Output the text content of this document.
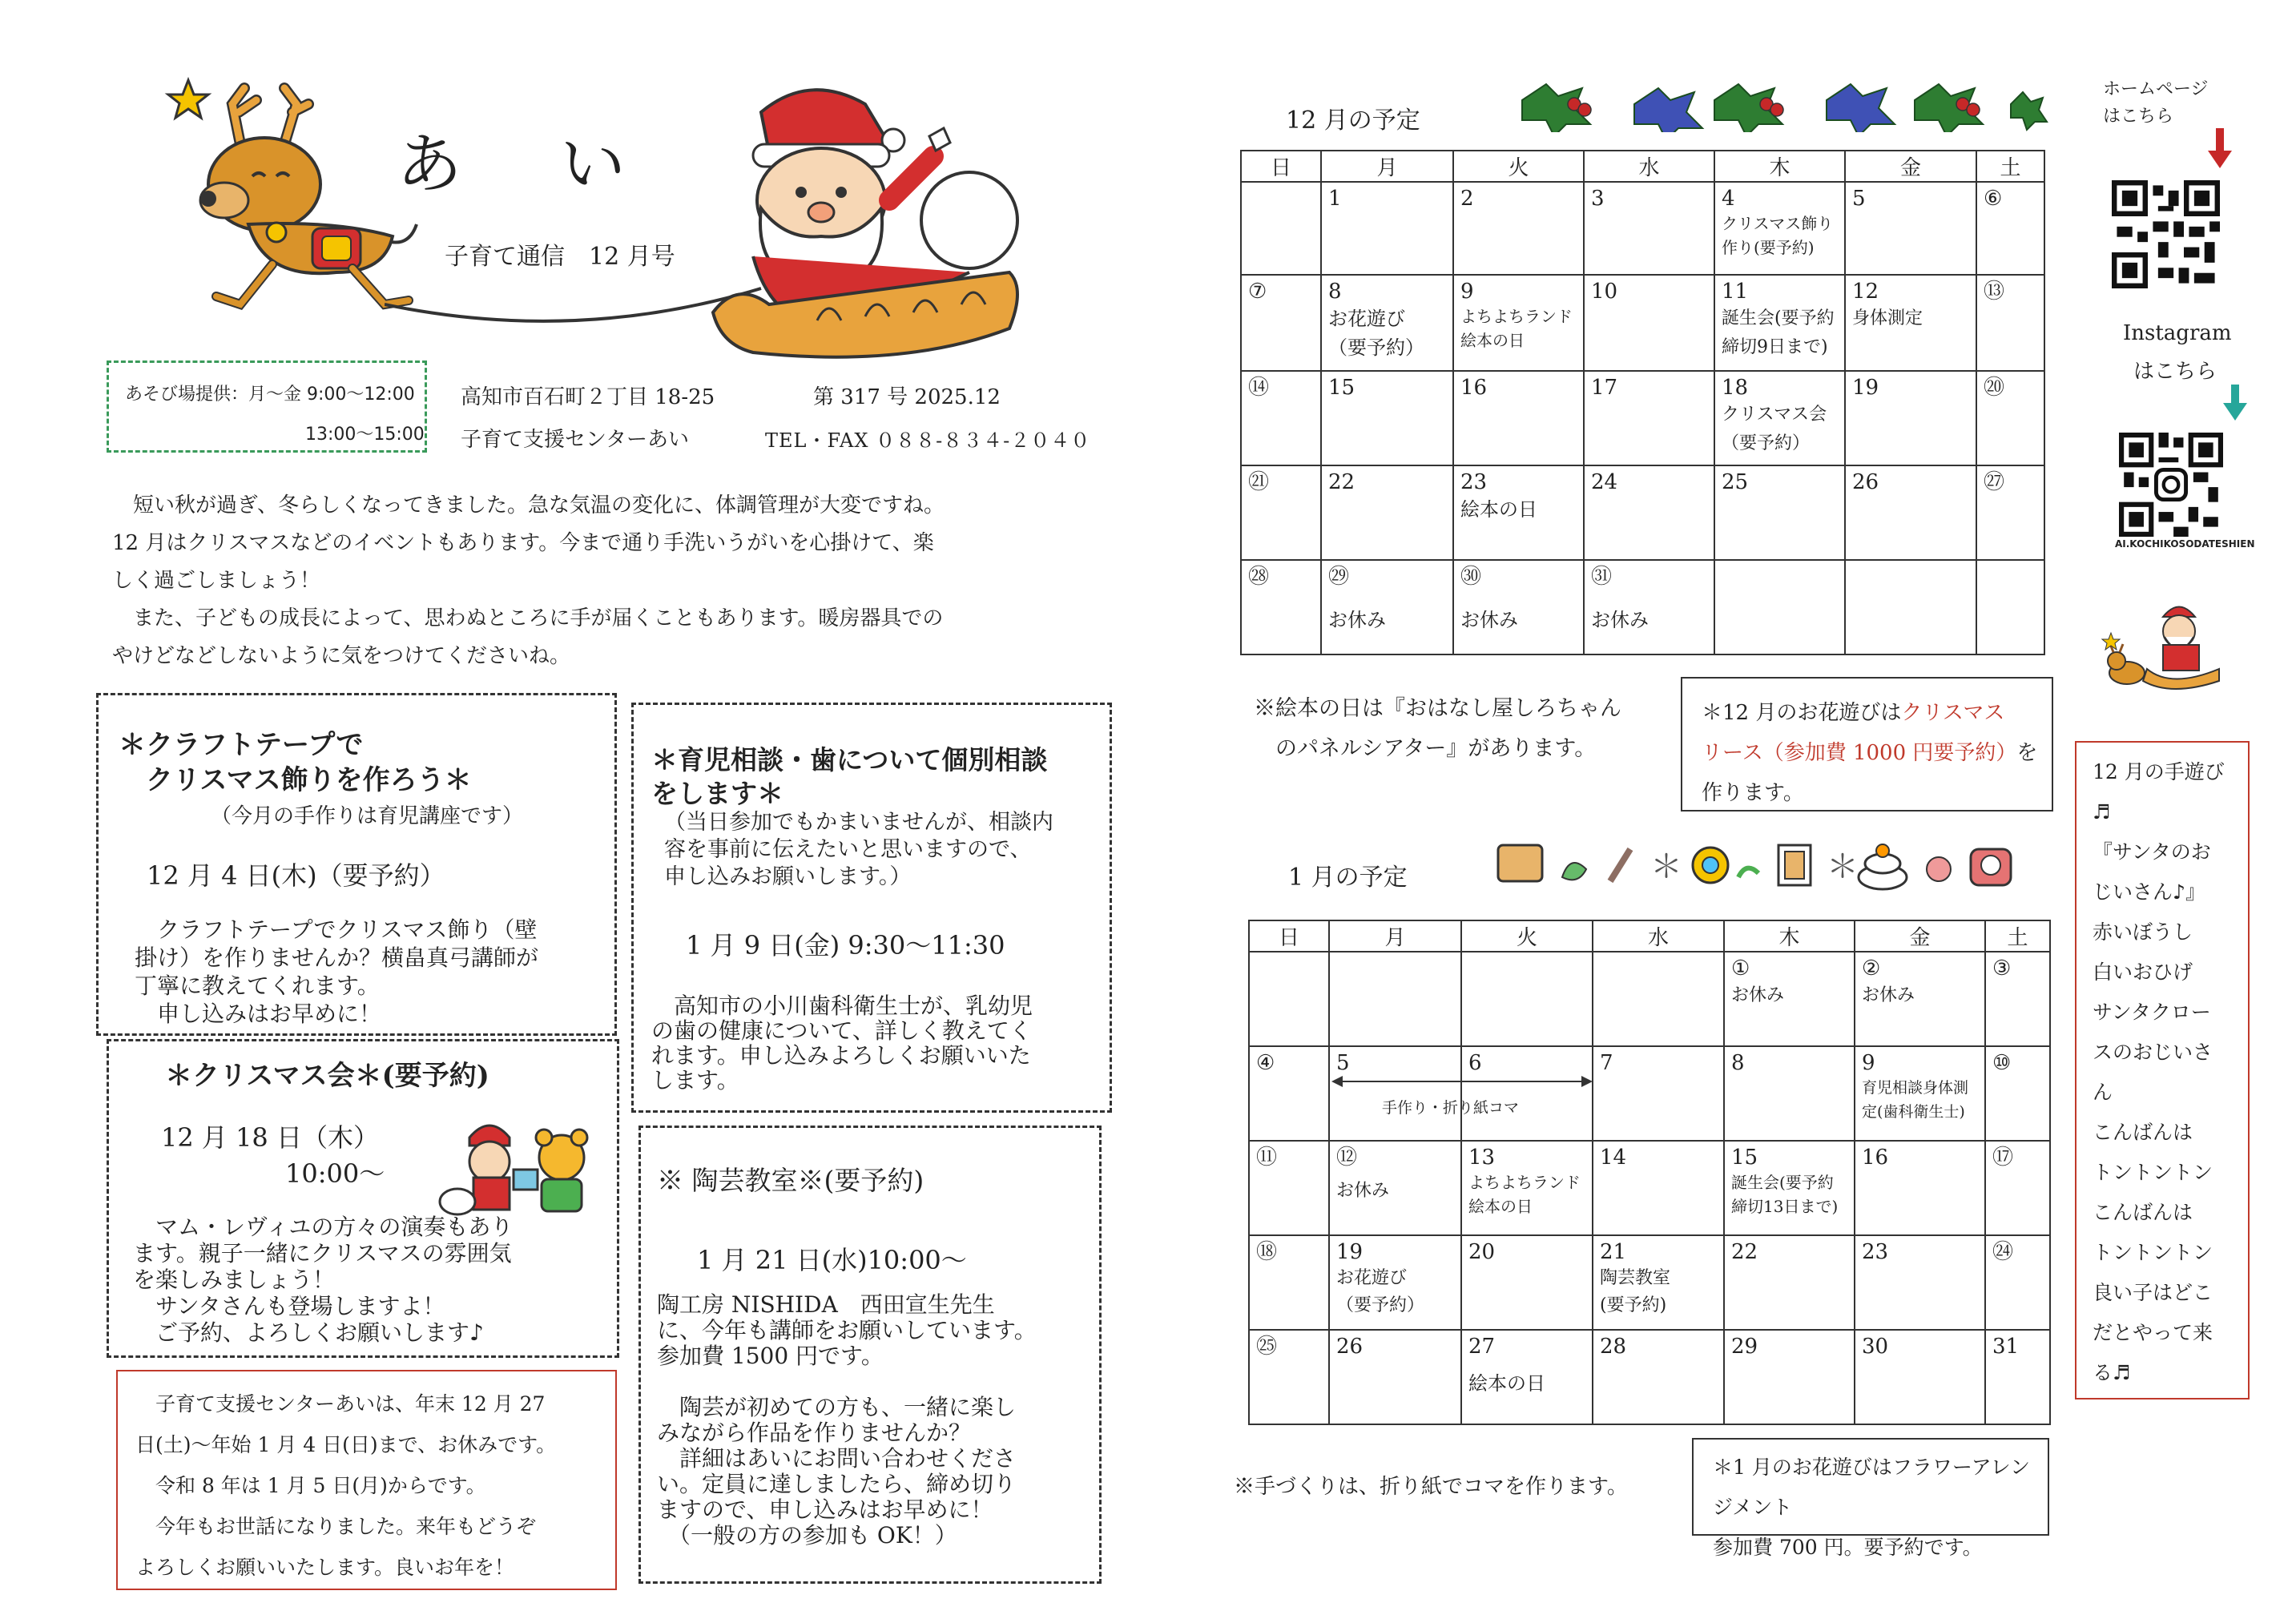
あ　い
子育て通信　12 月号
あそび場提供：月～金 9:00～12:00
13:00～15:00
高知市百石町２丁目 18-25	第 317 号 2025.12
子育て支援センターあい	TEL・FAX ０８８-８３４-２０４０
　短い秋が過ぎ、冬らしくなってきました。急な気温の変化に、体調管理が大変ですね。
12 月はクリスマスなどのイベントもあります。今まで通り手洗いうがいを心掛けて、楽
しく過ごしましょう！
　また、子どもの成長によって、思わぬところに手が届くこともあります。暖房器具での
やけどなどしないように気をつけてくださいね。
＊クラフトテープで
　クリスマス飾りを作ろう＊
（今月の手作りは育児講座です）
12 月 4 日(木)（要予約）
　クラフトテープでクリスマス飾り（壁
掛け）を作りませんか？横畠真弓講師が
丁寧に教えてくれます。
　申し込みはお早めに！
＊クリスマス会＊(要予約)
12 月 18 日（木）
10:00～
　マム・レヴィユの方々の演奏もあり
ます。親子一緒にクリスマスの雰囲気
を楽しみましょう！
　サンタさんも登場しますよ！
　ご予約、よろしくお願いします♪
　子育て支援センターあいは、年末 12 月 27
日(土)～年始 1 月 4 日(日)まで、お休みです。
　令和 8 年は 1 月 5 日(月)からです。
　今年もお世話になりました。来年もどうぞ
よろしくお願いいたします。良いお年を！
＊育児相談・歯について個別相談
をします＊
（当日参加でもかまいませんが、相談内
容を事前に伝えたいと思いますので、
申し込みお願いします。）
1 月 9 日(金) 9:30～11:30
　高知市の小川歯科衛生士が、乳幼児
の歯の健康について、詳しく教えてく
れます。申し込みよろしくお願いいた
します。
※ 陶芸教室※(要予約)
1 月 21 日(水)10:00～
陶工房 NISHIDA　西田宣生先生
に、今年も講師をお願いしています。
参加費 1500 円です。

　陶芸が初めての方も、一緒に楽し
みながら作品を作りませんか？
　詳細はあいにお問い合わせくださ
い。定員に達しましたら、締め切り
ますので、申し込みはお早めに！
　（一般の方の参加も OK！）
12 月の予定
日	月	火	水	木	金	土

	1	2	3	4
クリスマス飾り
作り(要予約)	5	⑥

⑦	8
お花遊び
（要予約）	9
よちよちランド
絵本の日	10	11
誕生会(要予約
締切9日まで)	12
身体測定	⑬

⑭	15	16	17	18
クリスマス会
（要予約）	19	⑳

㉑	22	23
絵本の日	24	25	26	㉗

㉘	㉙
お休み	㉚
お休み	㉛
お休み			

※絵本の日は『おはなし屋しろちゃん
　のパネルシアター』があります。
＊12 月のお花遊びはクリスマス
リース（参加費 1000 円要予約）を
作ります。
1 月の予定	＊	＊
日	月	火	水	木	金	土

				①
お休み	②
お休み	③

④	5	6	7	8	9
育児相談身体測
定(歯科衛生士)	⑩

⑪	⑫
お休み	13
よちよちランド
絵本の日	14	15
誕生会(要予約
締切13日まで)	16	⑰

⑱	19
お花遊び
（要予約）	20	21
陶芸教室
(要予約)	22	23	㉔

㉕	26	27
絵本の日	28	29	30	31
手作り・折り紙コマ
※手づくりは、折り紙でコマを作ります。
＊1 月のお花遊びはフラワーアレンジメント
参加費 700 円。要予約です。
ホームページ
はこちら
Instagram
はこちら
AI.KOCHIKOSODATESHIEN
12 月の手遊び
♬
『サンタのお
じいさん♪』
赤いぼうし
白いおひげ
サンタクロー
スのおじいさ
ん
こんばんは
トントントン
こんばんは
トントントン
良い子はどこ
だとやって来
る♬
